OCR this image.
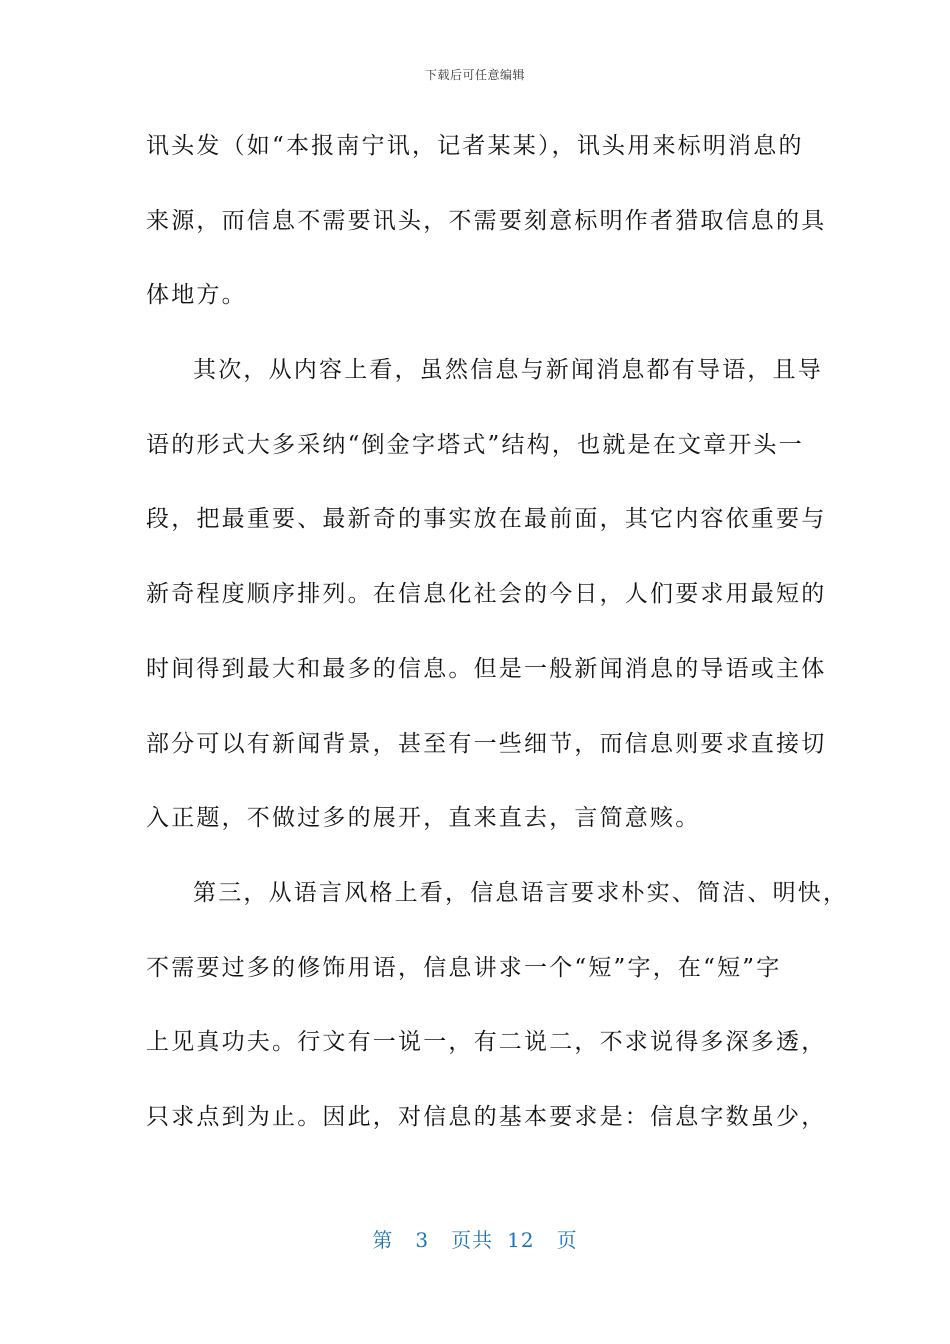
下载后可任意编辑
讯头发（如“本报南宁讯，记者某某），讯头用来标明消息的
来源，而信息不需要讯头，不需要刻意标明作者猎取信息的具
体地方。
其次，从内容上看，虽然信息与新闻消息都有导语，且导
语的形式大多采纳“倒金字塔式”结构，也就是在文章开头一
段，把最重要、最新奇的事实放在最前面，其它内容依重要与
新奇程度顺序排列。在信息化社会的今日，人们要求用最短的
时间得到最大和最多的信息。但是一般新闻消息的导语或主体
部分可以有新闻背景，甚至有一些细节，而信息则要求直接切
入正题，不做过多的展开，直来直去，言简意赅。
第三，从语言风格上看，信息语言要求朴实、简洁、明快，
不需要过多的修饰用语，信息讲求一个“短”字，在“短”字
上见真功夫。行文有一说一，有二说二，不求说得多深多透，
只求点到为止。因此，对信息的基本要求是：信息字数虽少，
第 3 页共 12 页
